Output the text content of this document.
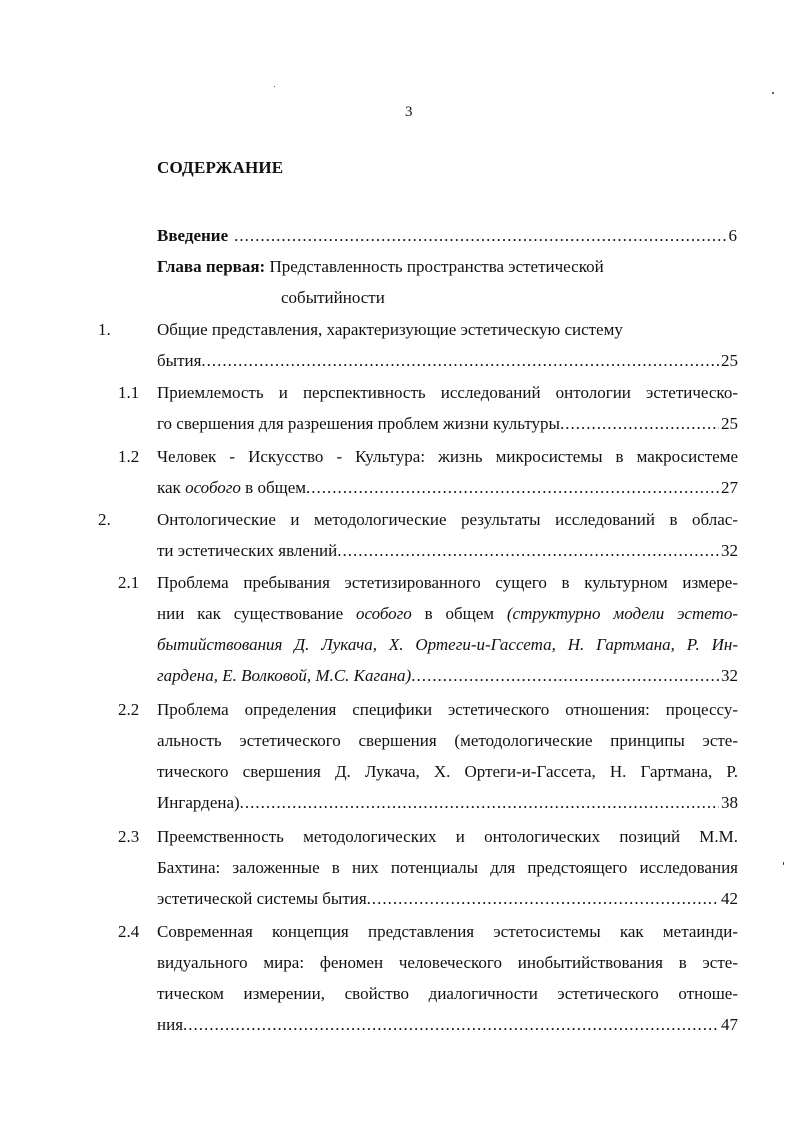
3
СОДЕРЖАНИЕ
Введение .....	6
Глава первая: Представленность пространства эстетической
событийности
1.	Общие представления, характеризующие эстетическую систему
бытия .....	25
1.1 Приемлемость и перспективность исследований онтологии эстетическо-
го свершения для разрешения проблем жизни культуры .....	25
1.2 Человек - Искусство - Культура: жизнь микросистемы в макросистеме
как особого в общем .....	27
2.	Онтологические и методологические результаты исследований в облас-
ти эстетических явлений .....	32
2.1 Проблема пребывания эстетизированного сущего в культурном измере-
нии как существование особого в общем (структурно модели эстето-
бытийствования Д. Лукача, Х. Ортеги-и-Гассета, Н. Гартмана, Р. Ин-
гардена, Е. Волковой, М.С. Кагана) .....	32
2.2 Проблема определения специфики эстетического отношения: процессу-
альность эстетического свершения (методологические принципы эсте-
тического свершения Д. Лукача, Х. Ортеги-и-Гассета, Н. Гартмана, Р.
Ингардена) .....	38
2.3 Преемственность методологических и онтологических позиций М.М.
Бахтина: заложенные в них потенциалы для предстоящего исследования
эстетической системы бытия .....	42
2.4 Современная концепция представления эстетосистемы как метаинди-
видуального мира: феномен человеческого инобытийствования в эсте-
тическом измерении, свойство диалогичности эстетического отноше-
ния .....	47
